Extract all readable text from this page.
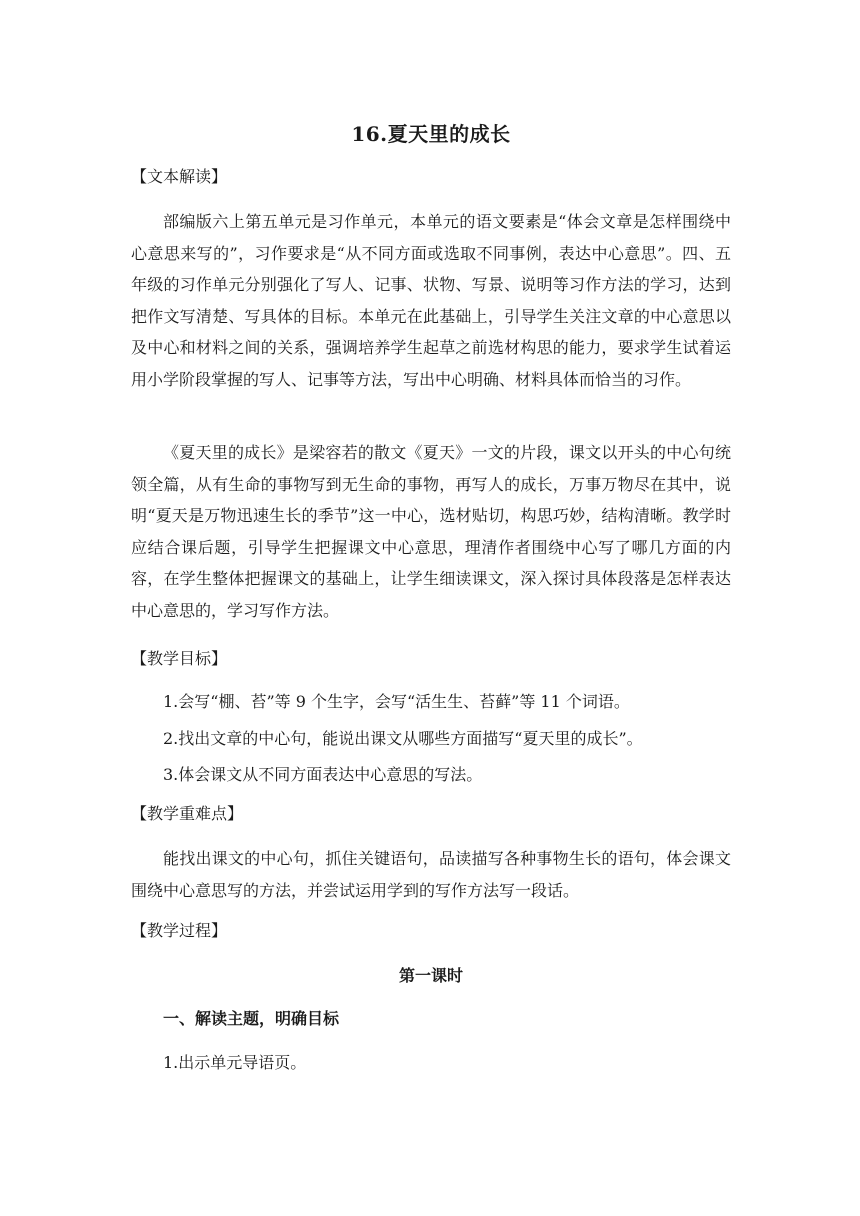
16.夏天里的成长
【文本解读】

部编版六上第五单元是习作单元，本单元的语文要素是“体会文章是怎样围绕中心意思来写的”，习作要求是“从不同方面或选取不同事例，表达中心意思”。四、五年级的习作单元分别强化了写人、记事、状物、写景、说明等习作方法的学习，达到把作文写清楚、写具体的目标。本单元在此基础上，引导学生关注文章的中心意思以及中心和材料之间的关系，强调培养学生起草之前选材构思的能力，要求学生试着运用小学阶段掌握的写人、记事等方法，写出中心明确、材料具体而恰当的习作。

《夏天里的成长》是梁容若的散文《夏天》一文的片段，课文以开头的中心句统领全篇，从有生命的事物写到无生命的事物，再写人的成长，万事万物尽在其中，说明“夏天是万物迅速生长的季节”这一中心，选材贴切，构思巧妙，结构清晰。教学时应结合课后题，引导学生把握课文中心意思，理清作者围绕中心写了哪几方面的内容，在学生整体把握课文的基础上，让学生细读课文，深入探讨具体段落是怎样表达中心意思的，学习写作方法。

【教学目标】
1.会写“棚、苔”等 9 个生字，会写“活生生、苔藓”等 11 个词语。
2.找出文章的中心句，能说出课文从哪些方面描写“夏天里的成长”。
3.体会课文从不同方面表达中心意思的写法。
【教学重难点】

能找出课文的中心句，抓住关键语句，品读描写各种事物生长的语句，体会课文围绕中心意思写的方法，并尝试运用学到的写作方法写一段话。

【教学过程】
第一课时
一、解读主题，明确目标
1.出示单元导语页。
